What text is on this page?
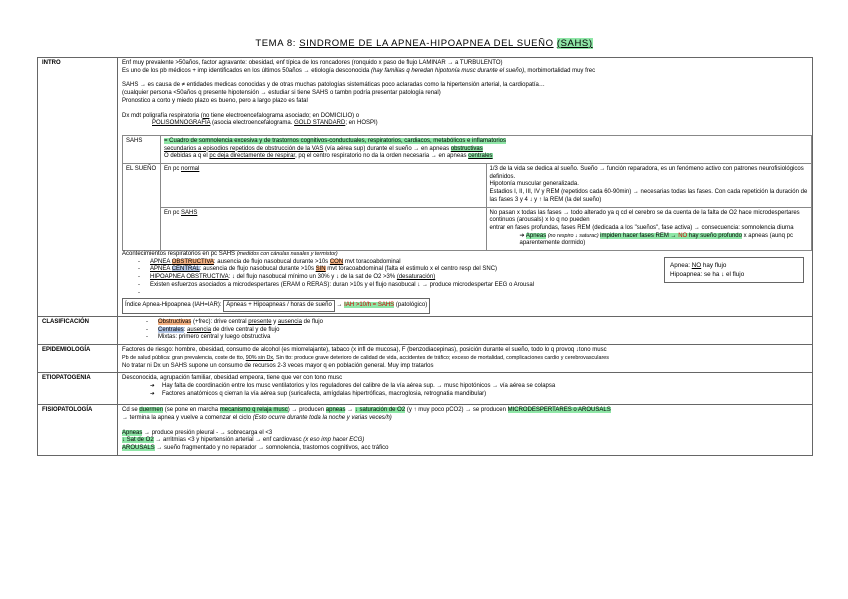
TEMA 8: SINDROME DE LA APNEA-HIPOAPNEA DEL SUEÑO (SAHS)
INTRO	Enf muy prevalente >50años, factor agravante: obesidad, enf típica de los roncadores (ronquido x paso de flujo LAMINAR → a TURBULENTO)
Es uno de los pb médicos + imp identificados en los últimos 50años → etiología desconocida (hay familias q heredan hipotonía musc durante el sueño), morbimortalidad muy frec
SAHS → es causa de ≠ entidades medicas conocidas y de otras muchas patologías sistemáticas poco aclaradas como la hipertensión arterial, la cardiopatía…
(cualquier persona <50años q presente hipotensión → estudiar si tiene SAHS o tambn podría presentar patología renal)
Pronostico a corto y miedo plazo es bueno, pero a largo plazo es fatal
Dx mdt poligrafía respiratoria (no tiene electroencefalograma asociado; en DOMICILIO) o
POLISOMNOGRAFIA (asocia electroencefalograma. GOLD STANDARD; en HOSPI)
SAHS	= Cuadro de somnolencia excesiva y de trastornos cognitivos-conductuales, respiratorios, cardiacos, metabólicos e inflamatorios
secundarios a episodios repetidos de obstrucción de la VAS (vía aérea sup) durante el sueño → en apneas obstructivas
O debidas a q el pc deja directamente de respirar, pq el centro respiratorio no da la orden necesaria → en apneas centrales

EL SUEÑO	En pc normal	1/3 de la vida se dedica al sueño. Sueño → función reparadora, es un fenómeno activo con patrones neurofisiológicos definidos.
Hipotonía muscular generalizada.
Estadios I, II, III, IV y REM (repetidos cada 60-90min) → necesarias todas las fases. Con cada repetición la duración de las fases 3 y 4 ↓ y ↑ la REM (la del sueño)

En pc SAHS	No pasan x todas las fases → todo alterado ya q cd el cerebro se da cuenta de la falta de O2 hace microdespertares continuos (arousals) x lo q no pueden
entrar en fases profundas, fases REM (dedicada a los "sueños", fase activa) → consecuencia: somnolencia diurna
➔ Apneas (no respiro ↓ saturac) impiden hacer fases REM → NO hay sueño profundo x apneas (aunq pc aparentemente dormido)
Acontecimientos respiratorios en pc SAHS (medidos con cánulas nasales y termistor)
- APNEA OBSTRUCTIVA: ausencia de flujo nasobucal durante >10s CON mvt toracoabdominal
- APNEA CENTRAL: ausencia de flujo nasobucal durante >10s SIN mvt toracoabdominal (falta el estimulo x el centro resp del SNC)
- HIPOAPNEA OBSTRUCTIVA: ↓ del flujo nasobucal mínimo un 30% y ↓ de la sat de O2 >3% (desaturación)
- Existen esfuerzos asociados a microdespertares (ERAM o RERAS): duran >10s y el flujo nasobucal ↓ → produce microdespertar EEG o Arousal
-
Apnea: NO hay flujo
Hipoapnea: se ha ↓ el flujo
Índice Apnea-Hipoapnea (IAH=IAR): Apneas + Hipoapneas / horas de sueño → IAH >10/h = SAHS (patológico)

CLASIFICACIÓN	
-Obstructivas (+frec): drive central presente y ausencia de flujo
- Centrales: ausencia de drive central y de flujo
- Mixtas: primero central y luego obstructiva

EPIDEMIOLOGÍA	Factores de riesgo: hombre, obesidad, consumo de alcohol (es miorrelajante), tabaco (x infl de mucosa), F (benzodiacepinas), posición durante el sueño, todo lo q provoq ↓tono musc
Pb de salud pública: gran prevalencia, coste de tto, 90% sin Dx, Sin tto: produce grave deterioro de calidad de vida, accidentes de tráfico; exceso de mortalidad, complicaciones cardio y cerebrovasculares
No tratar ni Dx un SAHS supone un consumo de recursos 2-3 veces mayor q en población general. Muy imp tratarlos

ETIOPATOGENIA	Desconocida, agrupación familiar, obesidad empeora, tiene que ver con tono musc
➔ Hay falta de coordinación entre los musc ventilatorios y los reguladores del calibre de la vía aérea sup. → musc hipotónicos → vía aérea se colapsa
➔ Factores anatómicos q cierran la vía aérea sup (suricafecta, amígdalas hipertróficas, macroglosia, retrognatia mandibular)

FISIOPATOLOGÍA	Cd se duermen (se pone en marcha mecanismo q relaja musc) → producen apneas → ↓ saturación de O2 (y ↑ muy poco pCO2) → se producen MICRODESPERTARES o AROUSALS
→ termina la apnea y vuelve a comenzar el ciclo (Esto ocurre durante toda la noche y varias veces/h)
Apneas → produce presión pleural - → sobrecarga el <3
↓ Sat de O2 → arritmias <3 y hipertensión arterial → enf cardiovasc (x eso imp hacer ECG)
AROUSALS → sueño fragmentado y no reparador → somnolencia, trastornos cognitivos, acc tráfico
